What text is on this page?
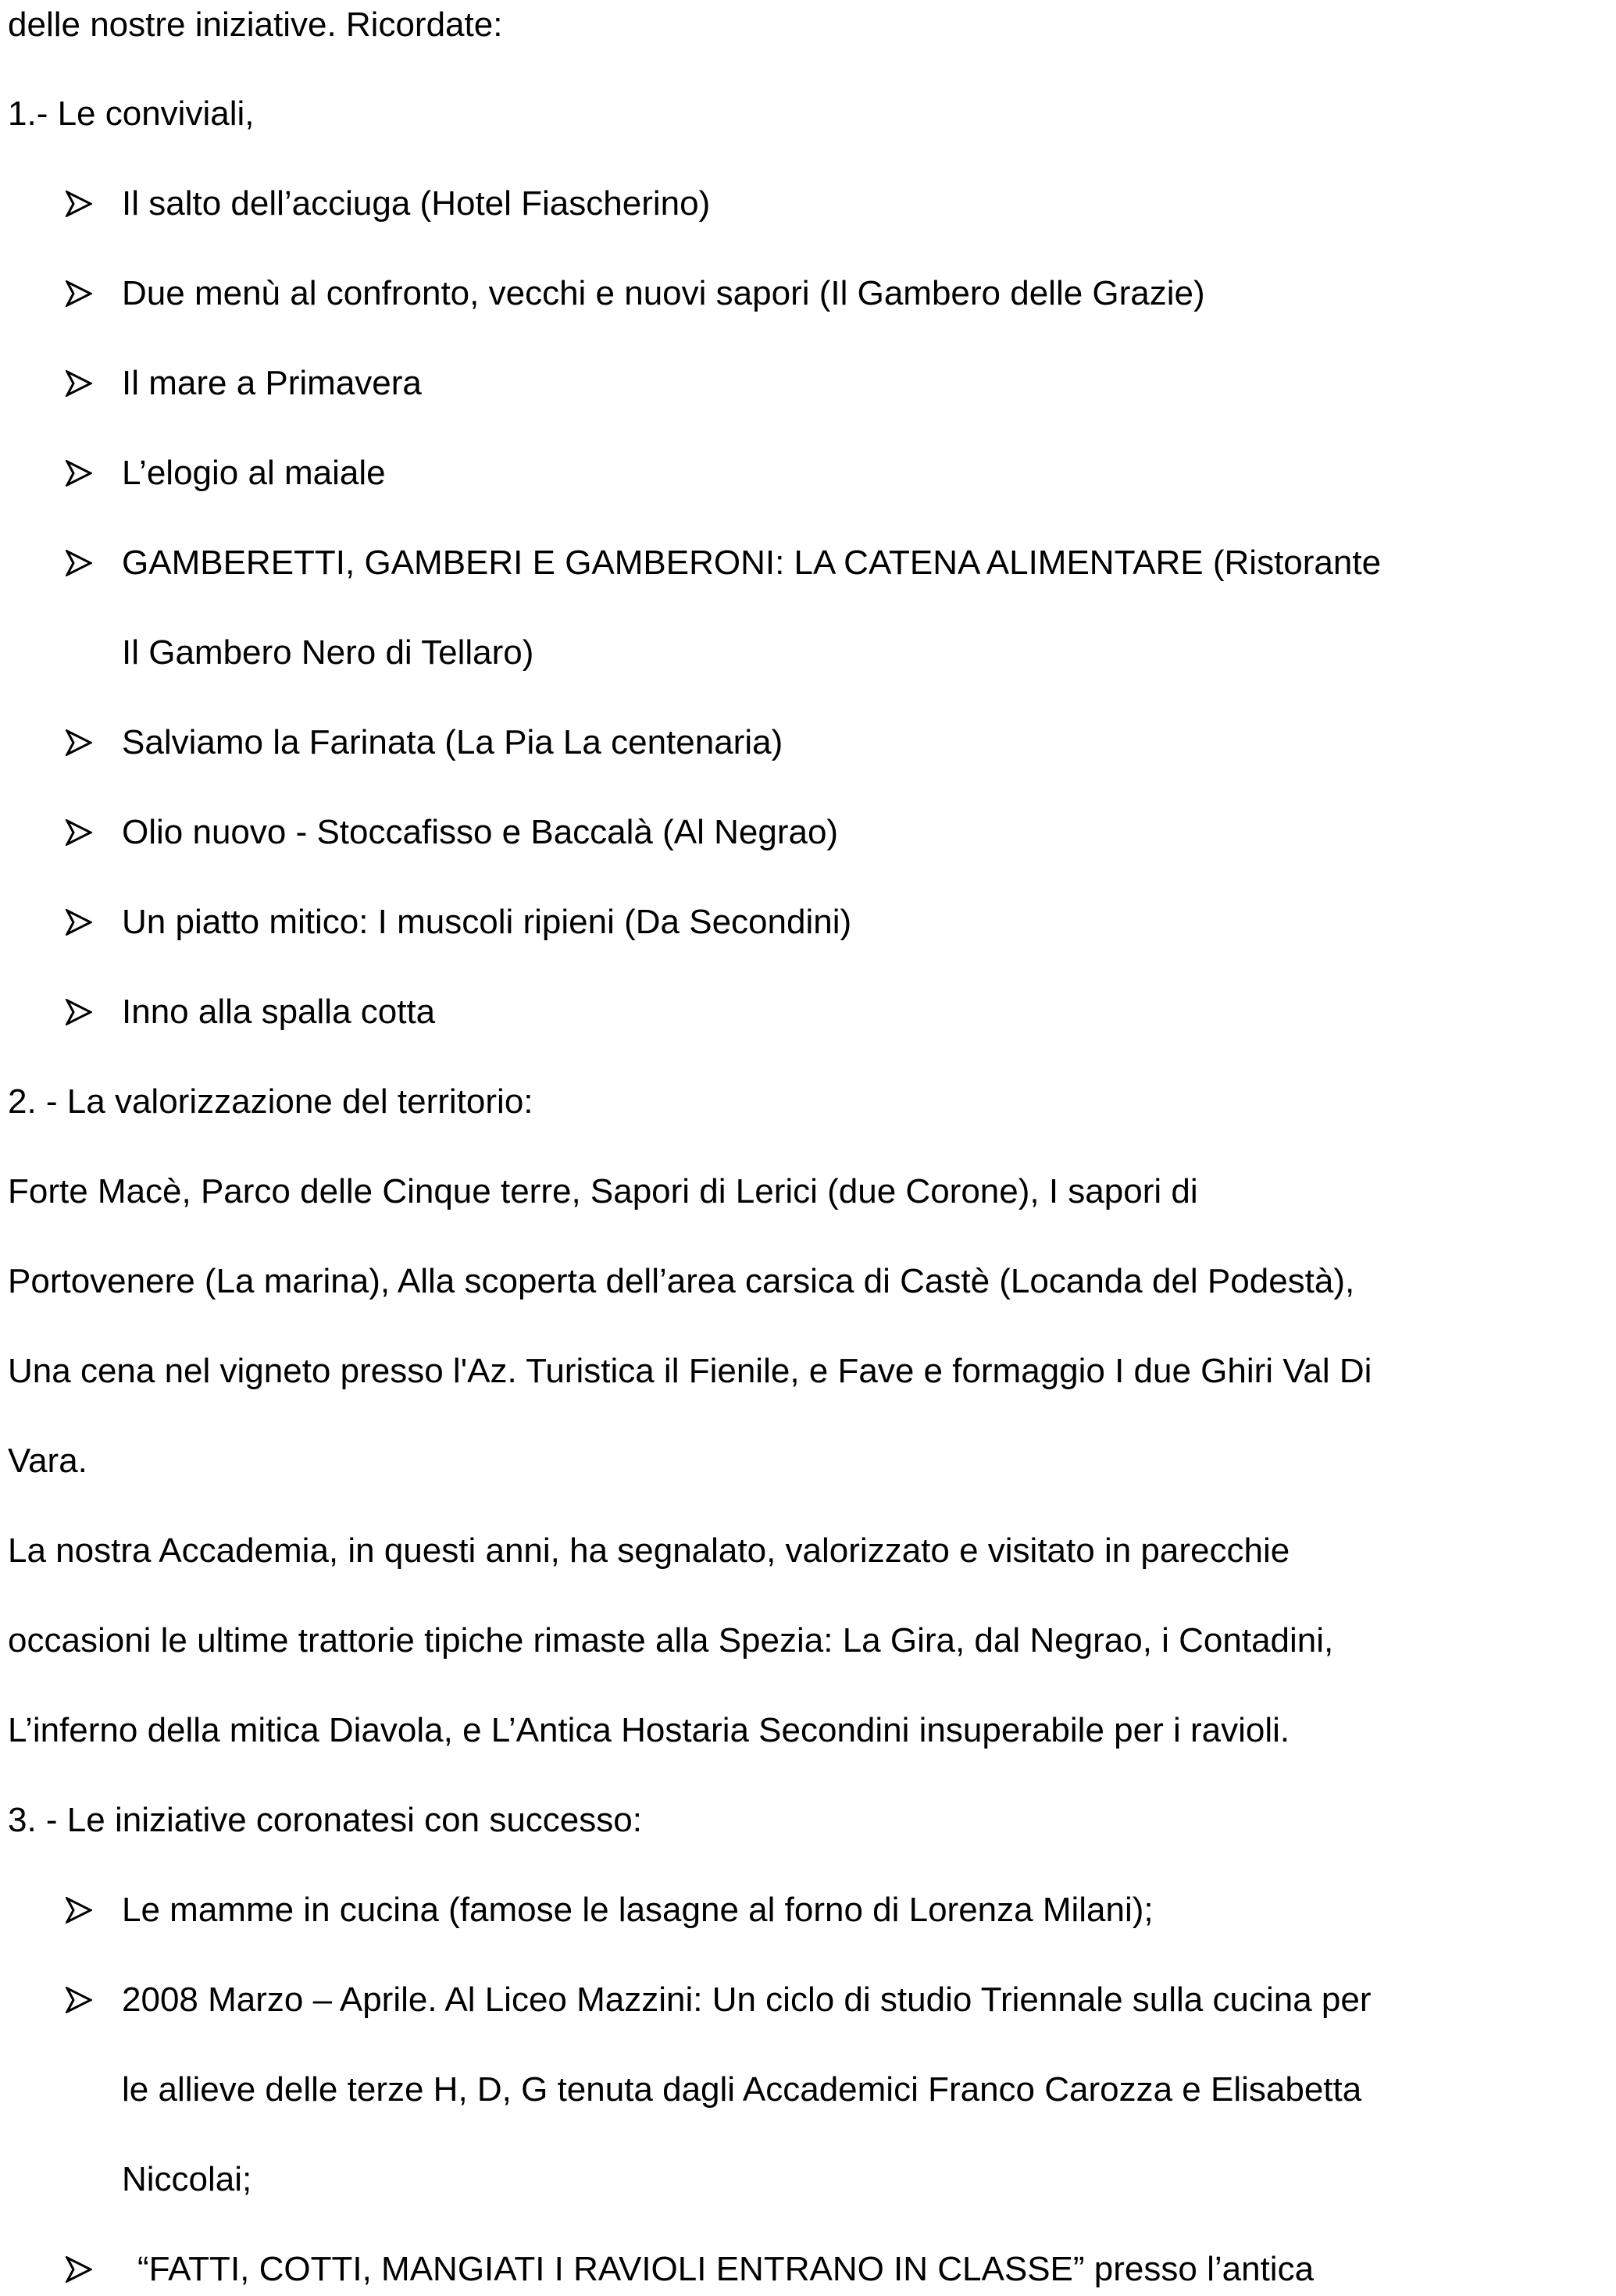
delle nostre iniziative. Ricordate:
1.- Le conviviali,
Il salto dell’acciuga (Hotel Fiascherino)
Due menù al confronto, vecchi e nuovi sapori (Il Gambero delle Grazie)
Il mare a Primavera
L’elogio al maiale
GAMBERETTI, GAMBERI E GAMBERONI: LA CATENA ALIMENTARE (Ristorante
Il Gambero Nero di Tellaro)
Salviamo la Farinata (La Pia La centenaria)
Olio nuovo - Stoccafisso e Baccalà (Al Negrao)
Un piatto mitico: I muscoli ripieni (Da Secondini)
Inno alla spalla cotta
2. - La valorizzazione del territorio:
Forte Macè, Parco delle Cinque terre, Sapori di Lerici (due Corone), I sapori di
Portovenere (La marina), Alla scoperta dell’area carsica di Castè (Locanda del Podestà),
Una cena nel vigneto presso l'Az. Turistica il Fienile, e Fave e formaggio I due Ghiri Val Di
Vara.
La nostra Accademia, in questi anni, ha segnalato, valorizzato e visitato in parecchie
occasioni le ultime trattorie tipiche rimaste alla Spezia: La Gira, dal Negrao, i Contadini,
L’inferno della mitica Diavola, e L’Antica Hostaria Secondini insuperabile per i ravioli.
3. - Le iniziative coronatesi con successo:
Le mamme in cucina (famose le lasagne al forno di Lorenza Milani);
2008 Marzo – Aprile. Al Liceo Mazzini: Un ciclo di studio Triennale sulla cucina per
le allieve delle terze H, D, G tenuta dagli Accademici Franco Carozza e Elisabetta
Niccolai;
“FATTI, COTTI, MANGIATI I RAVIOLI ENTRANO IN CLASSE” presso l’antica
